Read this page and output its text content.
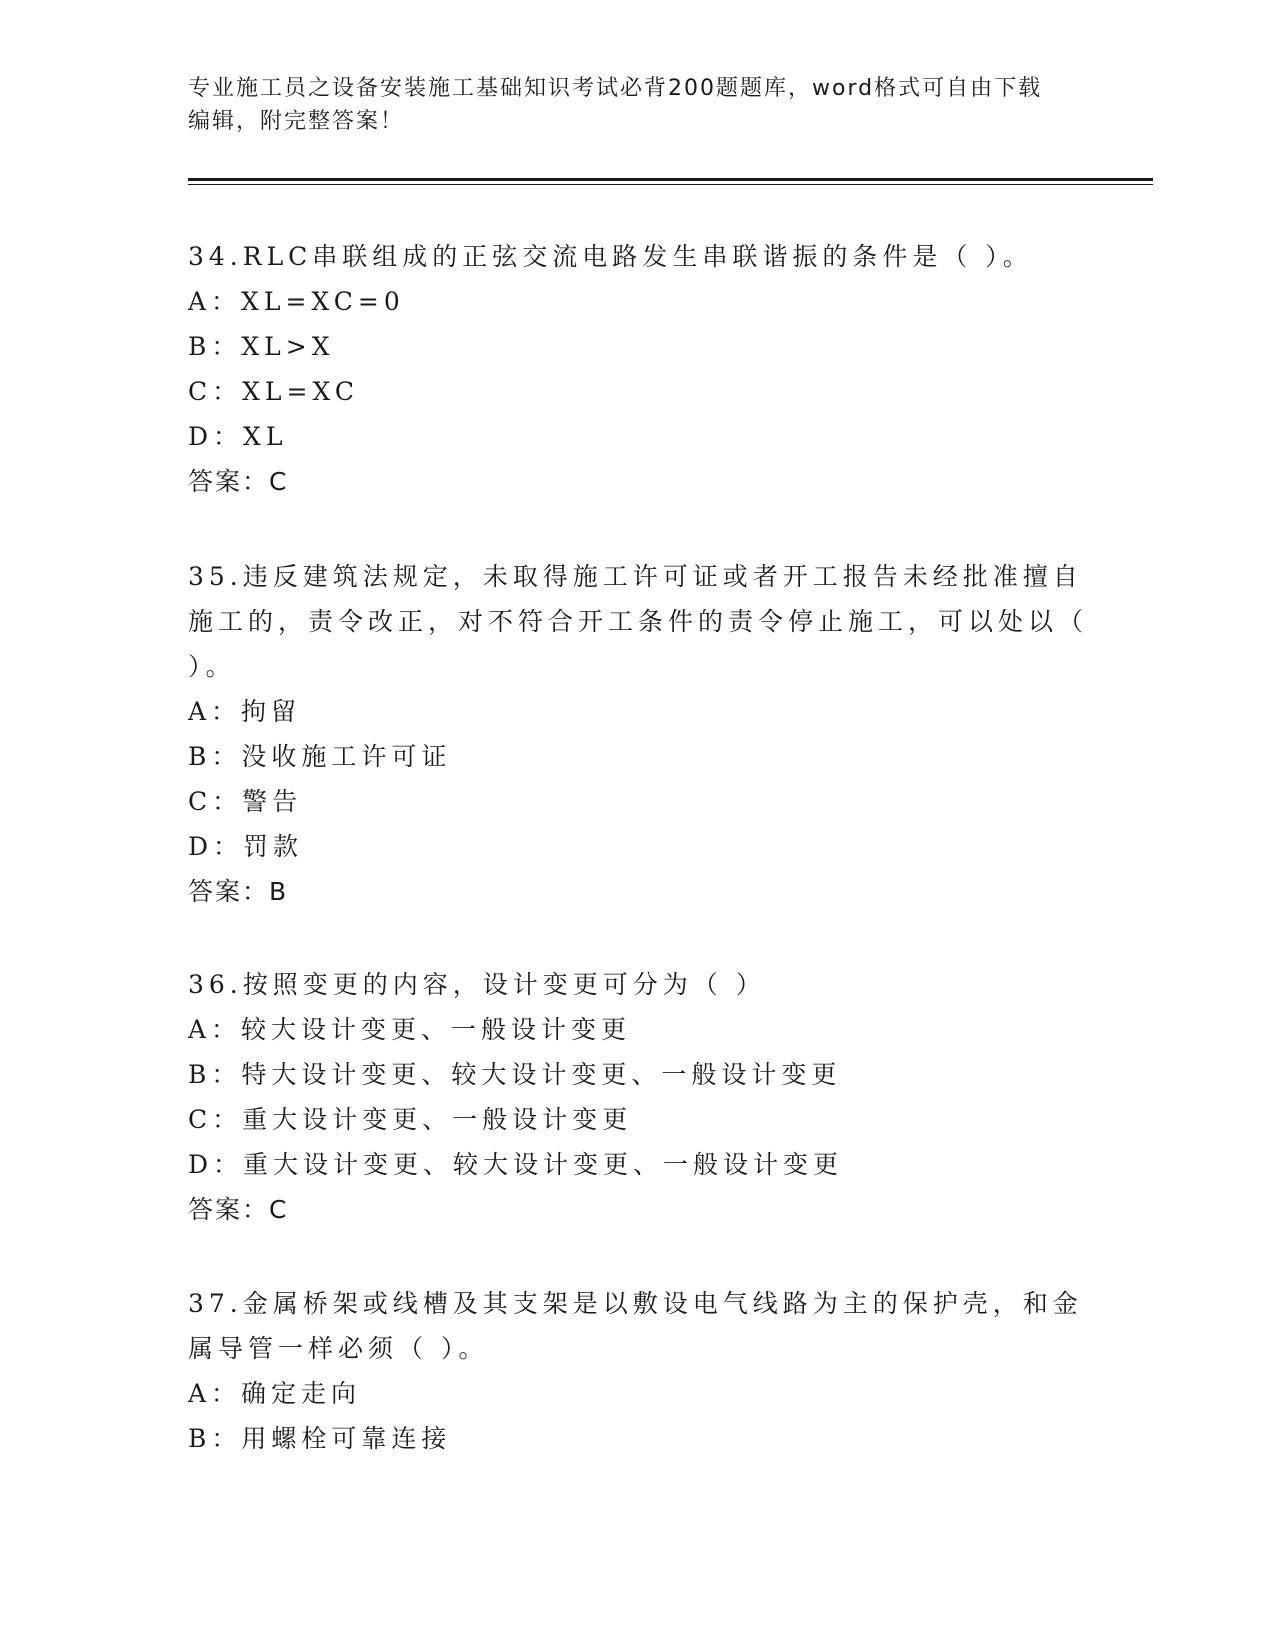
专业施工员之设备安装施工基础知识考试必背200题题库，word格式可自由下载
编辑，附完整答案！
34.RLC串联组成的正弦交流电路发生串联谐振的条件是（ ）。
A：XL=XC=0
B：XL>X
C：XL=XC
D：XL
答案：C
35.违反建筑法规定，未取得施工许可证或者开工报告未经批准擅自施工的，责令改正，对不符合开工条件的责令停止施工，可以处以（ ）。
A：拘留
B：没收施工许可证
C：警告
D：罚款
答案：B
36.按照变更的内容，设计变更可分为（ ）
A：较大设计变更、一般设计变更
B：特大设计变更、较大设计变更、一般设计变更
C：重大设计变更、一般设计变更
D：重大设计变更、较大设计变更、一般设计变更
答案：C
37.金属桥架或线槽及其支架是以敷设电气线路为主的保护壳，和金属导管一样必须（ ）。
A：确定走向
B：用螺栓可靠连接
